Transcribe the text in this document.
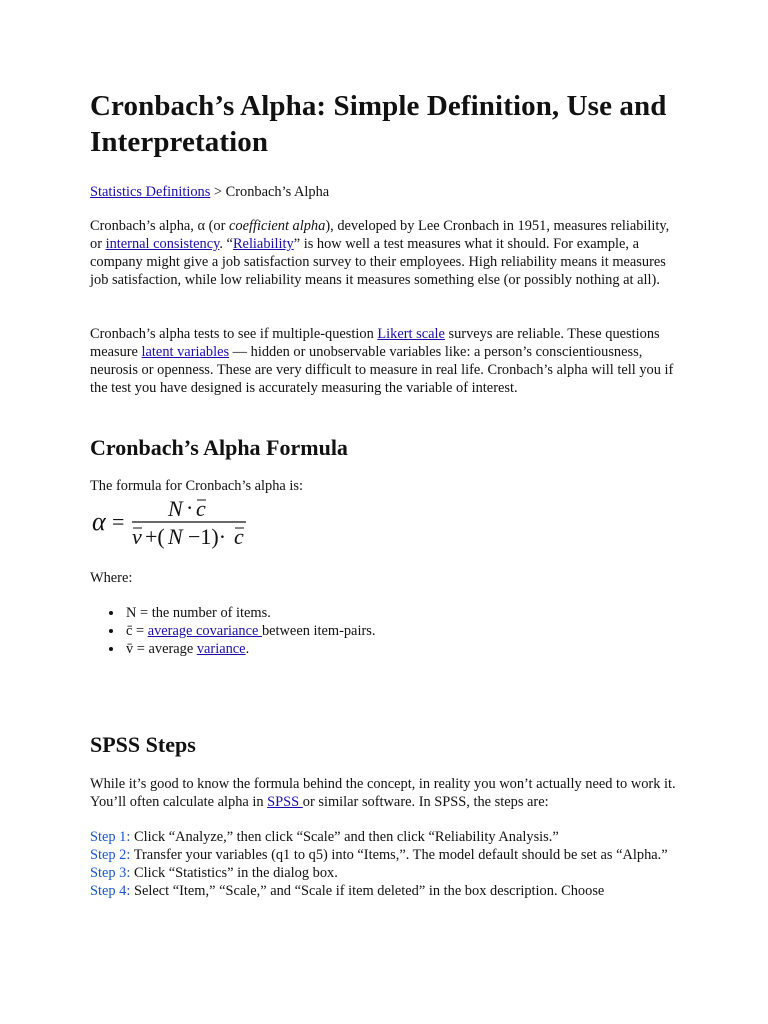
Cronbach’s Alpha: Simple Definition, Use and Interpretation
Statistics Definitions > Cronbach’s Alpha

Cronbach’s alpha, α (or coefficient alpha), developed by Lee Cronbach in 1951, measures reliability, or internal consistency. “Reliability” is how well a test measures what it should. For example, a company might give a job satisfaction survey to their employees. High reliability means it measures job satisfaction, while low reliability means it measures something else (or possibly nothing at all).

Cronbach’s alpha tests to see if multiple-question Likert scale surveys are reliable. These questions measure latent variables — hidden or unobservable variables like: a person’s conscientiousness, neurosis or openness. These are very difficult to measure in real life. Cronbach’s alpha will tell you if the test you have designed is accurately measuring the variable of interest.

Cronbach’s Alpha Formula

The formula for Cronbach’s alpha is:

α =
N · c
v +( N −1)· c

Where:

• N = the number of items.
• c̄ = average covariance between item-pairs.
• v̄ = average variance.
SPSS Steps

While it’s good to know the formula behind the concept, in reality you won’t actually need to work it. You’ll often calculate alpha in SPSS or similar software. In SPSS, the steps are:

Step 1: Click “Analyze,” then click “Scale” and then click “Reliability Analysis.”

Step 2: Transfer your variables (q1 to q5) into “Items,”. The model default should be set as “Alpha.”

Step 3: Click “Statistics” in the dialog box.

Step 4: Select “Item,” “Scale,” and “Scale if item deleted” in the box description. Choose
